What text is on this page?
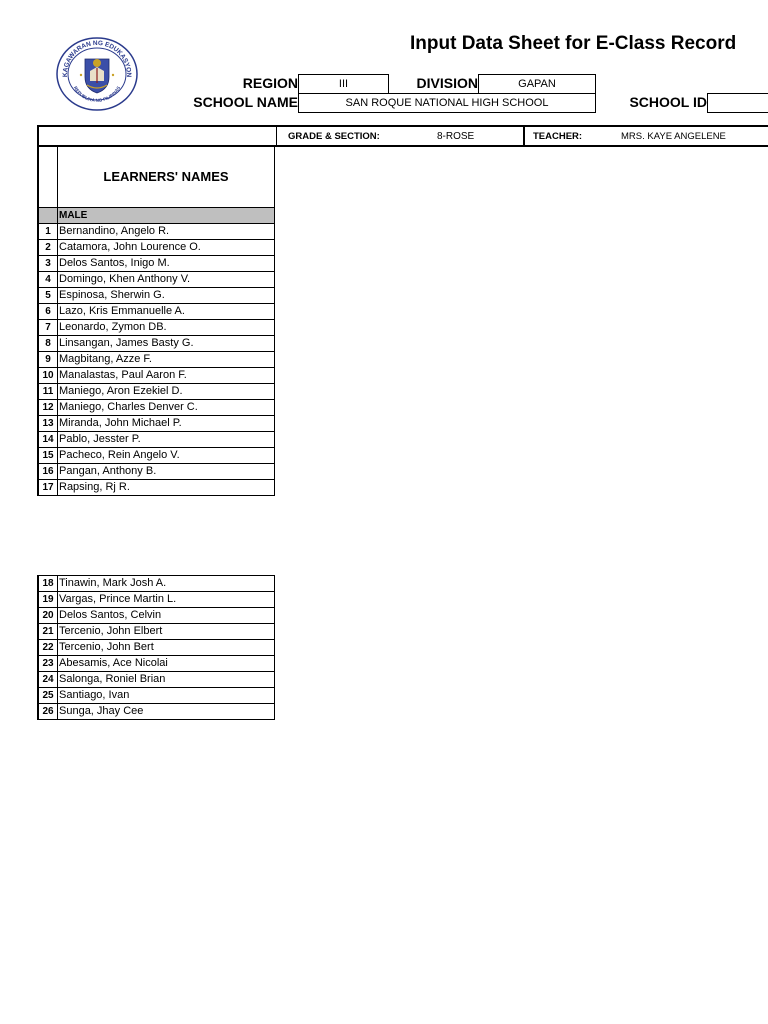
KAGAWARAN NG EDUKASYON
REPUBLIKA NG PILIPINAS
Input Data Sheet for E-Class Record
REGION	III	DIVISION	GAPAN
SCHOOL NAME	SAN ROQUE NATIONAL HIGH SCHOOL	SCHOOL ID
GRADE & SECTION:	8-ROSE	TEACHER:	MRS. KAYE ANGELENE
	LEARNERS' NAMES
	MALE
1	Bernandino, Angelo R.
2	Catamora, John Lourence O.
3	Delos Santos, Inigo M.
4	Domingo, Khen Anthony V.
5	Espinosa, Sherwin G.
6	Lazo, Kris Emmanuelle A.
7	Leonardo, Zymon DB.
8	Linsangan, James Basty G.
9	Magbitang, Azze F.
10	Manalastas, Paul Aaron F.
11	Maniego, Aron Ezekiel D.
12	Maniego, Charles Denver C.
13	Miranda, John Michael P.
14	Pablo, Jesster P.
15	Pacheco, Rein Angelo V.
16	Pangan, Anthony B.
17	Rapsing, Rj R.
18	Tinawin, Mark Josh A.
19	Vargas, Prince Martin L.
20	Delos Santos, Celvin
21	Tercenio, John Elbert
22	Tercenio, John Bert
23	Abesamis, Ace Nicolai
24	Salonga, Roniel Brian
25	Santiago, Ivan
26	Sunga, Jhay Cee
